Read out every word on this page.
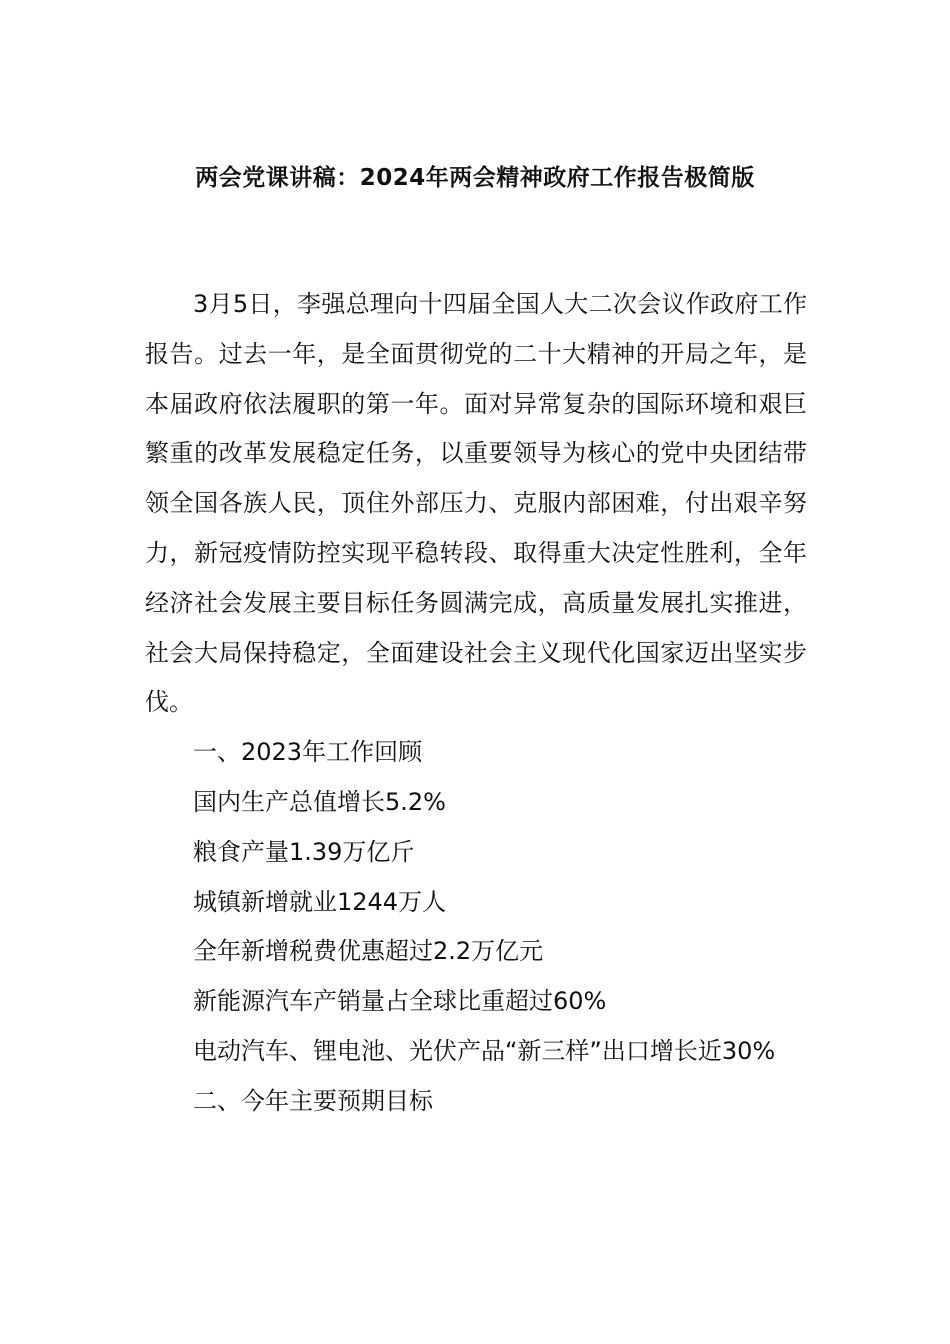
两会党课讲稿：2024年两会精神政府工作报告极简版

3月5日，李强总理向十四届全国人大二次会议作政府工作报告。过去一年，是全面贯彻党的二十大精神的开局之年，是本届政府依法履职的第一年。面对异常复杂的国际环境和艰巨繁重的改革发展稳定任务，以重要领导为核心的党中央团结带领全国各族人民，顶住外部压力、克服内部困难，付出艰辛努力，新冠疫情防控实现平稳转段、取得重大决定性胜利，全年经济社会发展主要目标任务圆满完成，高质量发展扎实推进，社会大局保持稳定，全面建设社会主义现代化国家迈出坚实步伐。

一、2023年工作回顾

国内生产总值增长5.2%

粮食产量1.39万亿斤

城镇新增就业1244万人

全年新增税费优惠超过2.2万亿元

新能源汽车产销量占全球比重超过60%

电动汽车、锂电池、光伏产品“新三样”出口增长近30%

二、今年主要预期目标
